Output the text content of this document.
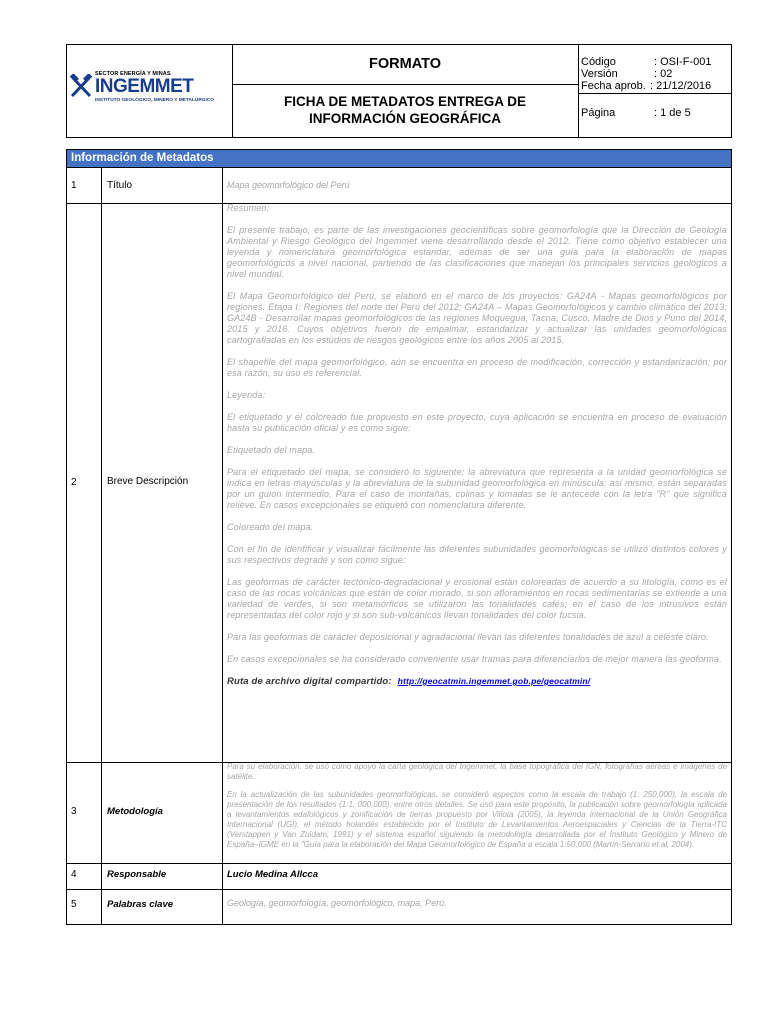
SECTOR ENERGÍA Y MINAS
INGEMMET
INSTITUTO GEOLÓGICO, MINERO Y METALÚRGICO
FORMATO
FICHA DE METADATOS ENTREGA DE
INFORMACIÓN GEOGRÁFICA
Código	: OSI-F-001
Versión	: 02
Fecha aprob. : 21/12/2016
Página	: 1 de 5
Información de Metadatos
1	Título	Mapa geomorfológico del Perú
2	Breve Descripción

Resumen:

El presente trabajo, es parte de las investigaciones geocientíficas sobre geomorfología que la Dirección de Geología Ambiental y Riesgo Geológico del Ingemmet viene desarrollando desde el 2012. Tiene como objetivo establecer una leyenda y nomenclatura geomorfológica estándar, además de ser una guía para la elaboración de mapas geomorfológicos a nivel nacional, partiendo de las clasificaciones que manejan los principales servicios geológicos a nivel mundial.

El Mapa Geomorfológico del Perú, se elaboró en el marco de los proyectos: GA24A - Mapas geomorfológicos por regiones. Etapa I: Regiones del norte del Perú del 2012; GA24A – Mapas Geomorfológicos y cambio climático del 2013; GA24B - Desarrollar mapas geomorfológicos de las regiones Moquegua, Tacna, Cusco, Madre de Dios y Puno del 2014, 2015 y 2016. Cuyos objetivos fueron de empalmar, estandarizar y actualizar las unidades geomorfológicas cartografiadas en los estudios de riesgos geológicos entre los años 2005 al 2015.

El shapefile del mapa geomorfológico, aún se encuentra en proceso de modificación, corrección y estandarización; por esa razón, su uso es referencial.

Leyenda:

El etiquetado y el coloreado fue propuesto en este proyecto, cuya aplicación se encuentra en proceso de evaluación hasta su publicación oficial y es como sigue:

Etiquetado del mapa.

Para el etiquetado del mapa, se consideró lo siguiente: la abreviatura que representa a la unidad geomorfológica se indica en letras mayúsculas y la abreviatura de la subunidad geomorfológica en minúscula; así mismo, están separadas por un guion intermedio. Para el caso de montañas, colinas y lomadas se le antecede con la letra "R" que significa relieve. En casos excepcionales se etiquetó con nomenclatura diferente.

Coloreado del mapa.

Con el fin de identificar y visualizar fácilmente las diferentes subunidades geomorfológicas se utilizó distintos colores y sus respectivos degradé y son como sigue:

Las geoformas de carácter tectónico-degradacional y erosional están coloreadas de acuerdo a su litología, como es el caso de las rocas volcánicas que están de color morado, si son afloramientos en rocas sedimentarias se extiende a una variedad de verdes, si son metamórficos se utilizaron las tonalidades cafés; en el caso de los intrusivos están representadas del color rojo y si son sub-volcánicos llevan tonalidades del color fucsia.

Para las geoformas de carácter deposicional y agradacional llevan las diferentes tonalidades de azul a celeste claro.

En casos excepcionales se ha considerado conveniente usar tramas para diferenciarlos de mejor manera las geoforma.

Ruta de archivo digital compartido: http://geocatmin.ingemmet.gob.pe/geocatmin/

3	Metodología

Para su elaboración, se usó como apoyo la carta geológica del Ingemmet, la base topográfica del IGN, fotografías aéreas e imágenes de satélite.

En la actualización de las subunidades geomorfológicas, se consideró aspectos como la escala de trabajo (1: 250,000), la escala de presentación de los resultados (1:1, 000,000), entre otros detalles. Se usó para este propósito, la publicación sobre geomorfología aplicada a levantamientos edafológicos y zonificación de tierras propuesto por Villota (2005), la leyenda internacional de la Unión Geográfica Internacional (UGI), el método holandés establecido por el Instituto de Levantamientos Aeroespaciales y Ciencias de la Tierra-ITC (Verstappen y Van Zuidam, 1991) y el sistema español siguiendo la metodología desarrollada por el Instituto Geológico y Minero de España–IGME en la "Guía para la elaboración del Mapa Geomorfológico de España a escala 1:50,000 (Martín-Serrano et al, 2004).

4	Responsable	Lucio Medina Allcca
5	Palabras clave	Geología, geomorfología, geomorfológico, mapa, Perú.
